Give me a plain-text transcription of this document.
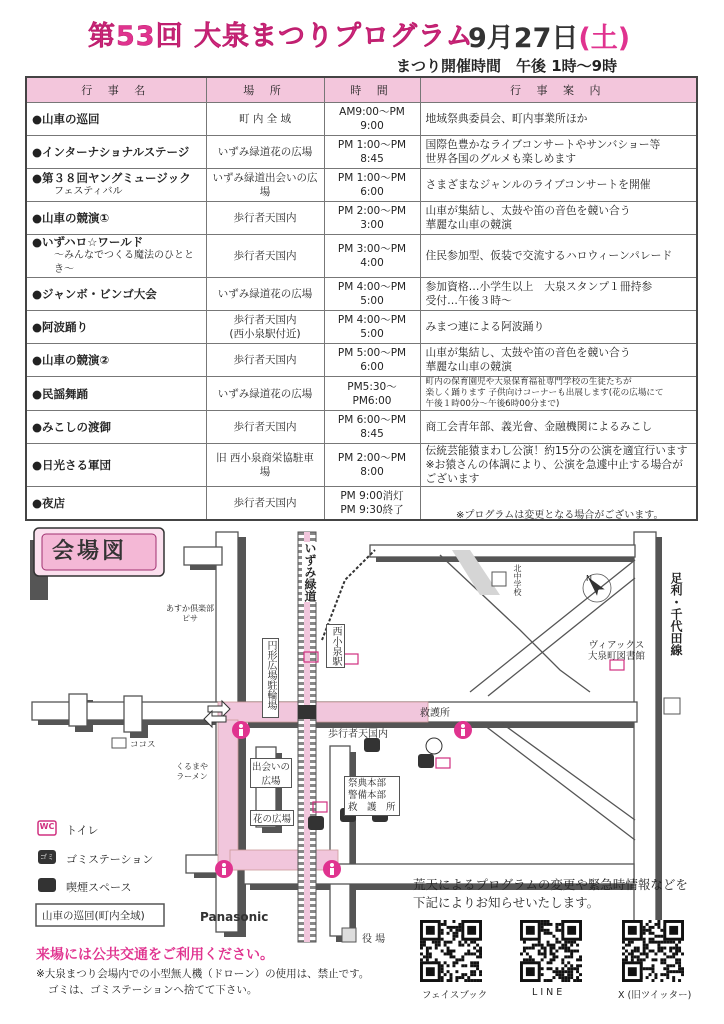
第53回 大泉まつりプログラム
9月27日(土)
まつり開催時間　午後 1時〜9時
行 事 名	場 所	時 間	行 事 案 内
●山車の巡回	町 内 全 域	AM9:00〜PM 9:00	地域祭典委員会、町内事業所ほか
●インターナショナルステージ	いずみ緑道花の広場	PM 1:00〜PM 8:45	国際色豊かなライブコンサートやサンバショー等
世界各国のグルメも楽しめます
●第３８回ヤングミュージック
フェスティバル	いずみ緑道出会いの広場	PM 1:00〜PM 6:00	さまざまなジャンルのライブコンサートを開催
●山車の競演①	歩行者天国内	PM 2:00〜PM 3:00	山車が集結し、太鼓や笛の音色を競い合う
華麗な山車の競演
●いずハロ☆ワールド
〜みんなでつくる魔法のひととき〜	歩行者天国内	PM 3:00〜PM 4:00	住民参加型、仮装で交流するハロウィーンパレード
●ジャンボ・ビンゴ大会	いずみ緑道花の広場	PM 4:00〜PM 5:00	参加資格…小学生以上　大泉スタンプ１冊持参
受付…午後３時〜
●阿波踊り	歩行者天国内
(西小泉駅付近)	PM 4:00〜PM 5:00	みまつ連による阿波踊り
●山車の競演②	歩行者天国内	PM 5:00〜PM 6:00	山車が集結し、太鼓や笛の音色を競い合う
華麗な山車の競演
●民謡舞踊	いずみ緑道花の広場	PM5:30〜PM6:00	町内の保育園児や大泉保育福祉専門学校の生徒たちが
楽しく踊ります 子供向けコーナーも出展します(花の広場にて
午後１時00分〜午後6時00分まで)
●みこしの渡御	歩行者天国内	PM 6:00〜PM 8:45	商工会青年部、義光會、金融機関によるみこし
●日光さる軍団	旧 西小泉商栄協駐車場	PM 2:00〜PM 8:00	伝統芸能猿まわし公演！約15分の公演を適宜行います
※お猿さんの体調により、公演を急遽中止する場合がございます
●夜店	歩行者天国内	PM 9:00消灯
PM 9:30終了		※プログラムは変更となる場合がございます。
会場図	いずみ緑道
西小泉駅
円形広場駐輪場
歩行者天国内
救護所
出会いの広場
花の広場
祭典本部
警備本部
救　護　所
あすか倶楽部
ピサ
ココス
くるまや
ラーメン
北中学校
ヴィアックス
大泉町図書館
足利・千代田線
Panasonic
役 場
N
WC トイレ
ゴミ ゴミステーション
喫煙スペース
山車の巡回(町内全域)
荒天によるプログラムの変更や緊急時情報などを
下記によりお知らせいたします。
フェイスブック	L I N E	X (旧ツイッター)
来場には公共交通をご利用ください。
※大泉まつり会場内での小型無人機（ドローン）の使用は、禁止です。
ゴミは、ゴミステーションへ捨てて下さい。
